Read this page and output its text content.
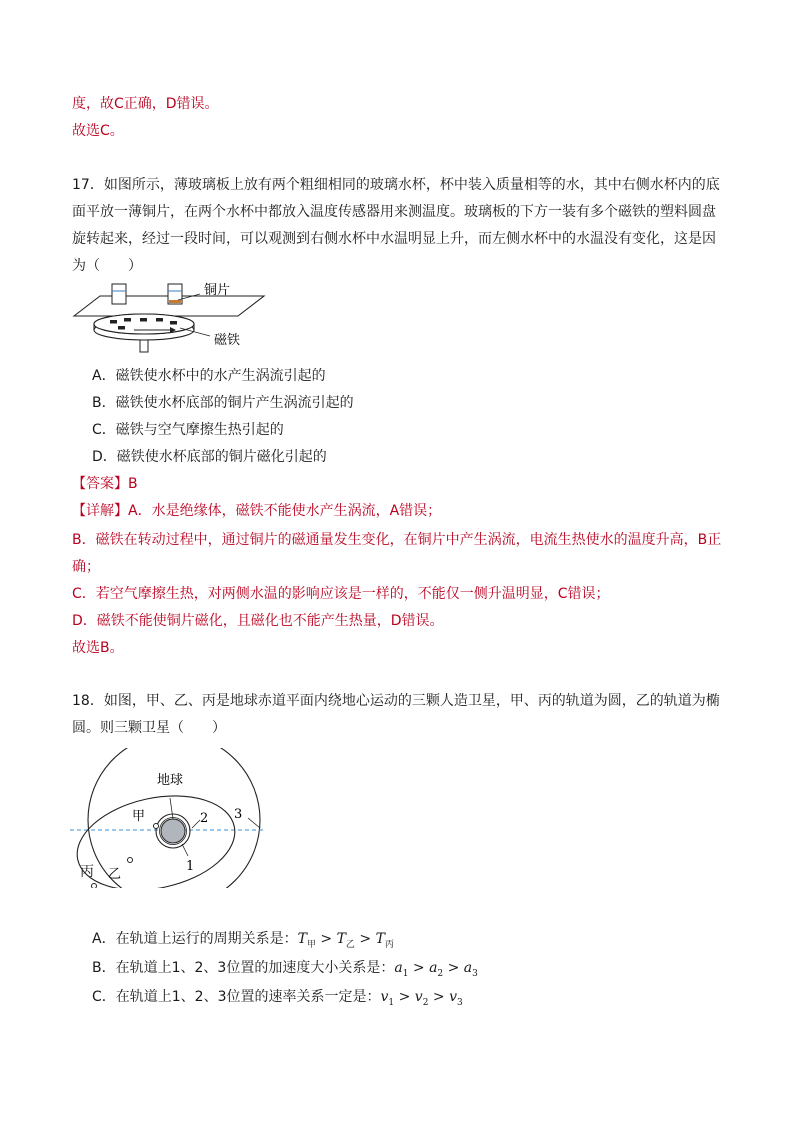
度，故C正确，D错误。
故选C。
17．如图所示，薄玻璃板上放有两个粗细相同的玻璃水杯，杯中装入质量相等的水，其中右侧水杯内的底
面平放一薄铜片，在两个水杯中都放入温度传感器用来测温度。玻璃板的下方一装有多个磁铁的塑料圆盘
旋转起来，经过一段时间，可以观测到右侧水杯中水温明显上升，而左侧水杯中的水温没有变化，这是因
为（　　）
铜片
磁铁
A．磁铁使水杯中的水产生涡流引起的
B．磁铁使水杯底部的铜片产生涡流引起的
C．磁铁与空气摩擦生热引起的
D．磁铁使水杯底部的铜片磁化引起的
【答案】B
【详解】A．水是绝缘体，磁铁不能使水产生涡流，A错误；
B．磁铁在转动过程中，通过铜片的磁通量发生变化，在铜片中产生涡流，电流生热使水的温度升高，B正
确；
C．若空气摩擦生热，对两侧水温的影响应该是一样的，不能仅一侧升温明显，C错误；
D．磁铁不能使铜片磁化，且磁化也不能产生热量，D错误。
故选B。
18．如图，甲、乙、丙是地球赤道平面内绕地心运动的三颗人造卫星，甲、丙的轨道为圆，乙的轨道为椭
圆。则三颗卫星（　　）
地球
甲
乙
1
2 3
丙
A．在轨道上运行的周期关系是：$T_甲 > T_乙 > T_丙$
B．在轨道上1、2、3位置的加速度大小关系是：$a_1 > a_2 > a_3$
C．在轨道上1、2、3位置的速率关系一定是：$v_1 > v_2 > v_3$
